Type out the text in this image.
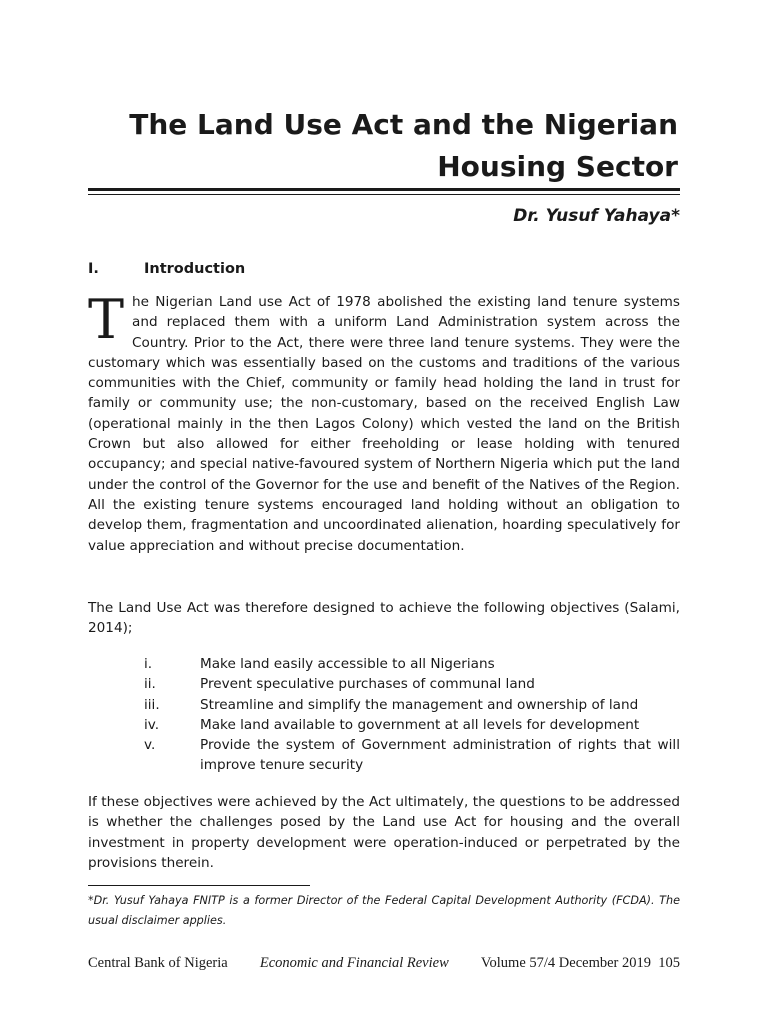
The Land Use Act and the Nigerian
Housing Sector
Dr. Yusuf Yahaya*
I.	Introduction

The Nigerian Land use Act of 1978 abolished the existing land tenure systems and replaced them with a uniform Land Administration system across the Country. Prior to the Act, there were three land tenure systems. They were the customary which was essentially based on the customs and traditions of the various communities with the Chief, community or family head holding the land in trust for family or community use; the non-customary, based on the received English Law (operational mainly in the then Lagos Colony) which vested the land on the British Crown but also allowed for either freeholding or lease holding with tenured occupancy; and special native-favoured system of Northern Nigeria which put the land under the control of the Governor for the use and benefit of the Natives of the Region. All the existing tenure systems encouraged land holding without an obligation to develop them, fragmentation and uncoordinated alienation, hoarding speculatively for value appreciation and without precise documentation.

The Land Use Act was therefore designed to achieve the following objectives (Salami, 2014);

i.	Make land easily accessible to all Nigerians
ii.	Prevent speculative purchases of communal land
iii.	Streamline and simplify the management and ownership of land
iv.	Make land available to government at all levels for development
v.	Provide the system of Government administration of rights that will improve tenure security

If these objectives were achieved by the Act ultimately, the questions to be addressed is whether the challenges posed by the Land use Act for housing and the overall investment in property development were operation-induced or perpetrated by the provisions therein.

*Dr. Yusuf Yahaya FNITP is a former Director of the Federal Capital Development Authority (FCDA). The usual disclaimer applies.

Central Bank of Nigeria Economic and Financial Review Volume 57/4 December 2019 105
